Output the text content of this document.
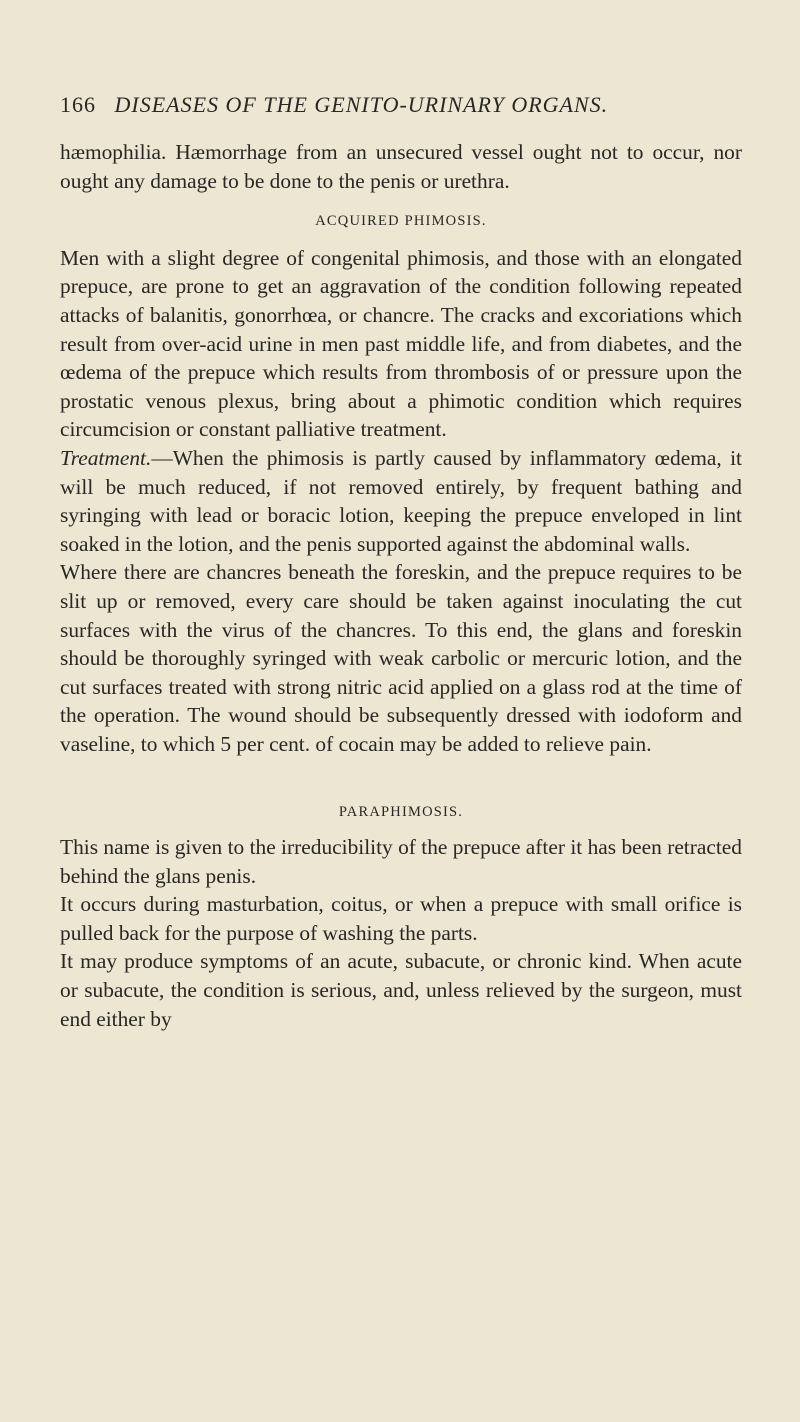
166 DISEASES OF THE GENITO-URINARY ORGANS.

hæmophilia. Hæmorrhage from an unsecured vessel ought not to occur, nor ought any damage to be done to the penis or urethra.

ACQUIRED PHIMOSIS.

Men with a slight degree of congenital phimosis, and those with an elongated prepuce, are prone to get an aggravation of the condition following repeated attacks of balanitis, gonorrhœa, or chancre. The cracks and excoriations which result from over-acid urine in men past middle life, and from diabetes, and the œdema of the prepuce which results from thrombosis of or pressure upon the prostatic venous plexus, bring about a phimotic condition which requires circumcision or constant palliative treatment.

Treatment.—When the phimosis is partly caused by inflammatory œdema, it will be much reduced, if not removed entirely, by frequent bathing and syringing with lead or boracic lotion, keeping the prepuce enveloped in lint soaked in the lotion, and the penis supported against the abdominal walls.

Where there are chancres beneath the foreskin, and the prepuce requires to be slit up or removed, every care should be taken against inoculating the cut surfaces with the virus of the chancres. To this end, the glans and foreskin should be thoroughly syringed with weak carbolic or mercuric lotion, and the cut surfaces treated with strong nitric acid applied on a glass rod at the time of the operation. The wound should be subsequently dressed with iodoform and vaseline, to which 5 per cent. of cocain may be added to relieve pain.

PARAPHIMOSIS.

This name is given to the irreducibility of the prepuce after it has been retracted behind the glans penis.

It occurs during masturbation, coitus, or when a prepuce with small orifice is pulled back for the purpose of washing the parts.

It may produce symptoms of an acute, subacute, or chronic kind. When acute or subacute, the condition is serious, and, unless relieved by the surgeon, must end either by
